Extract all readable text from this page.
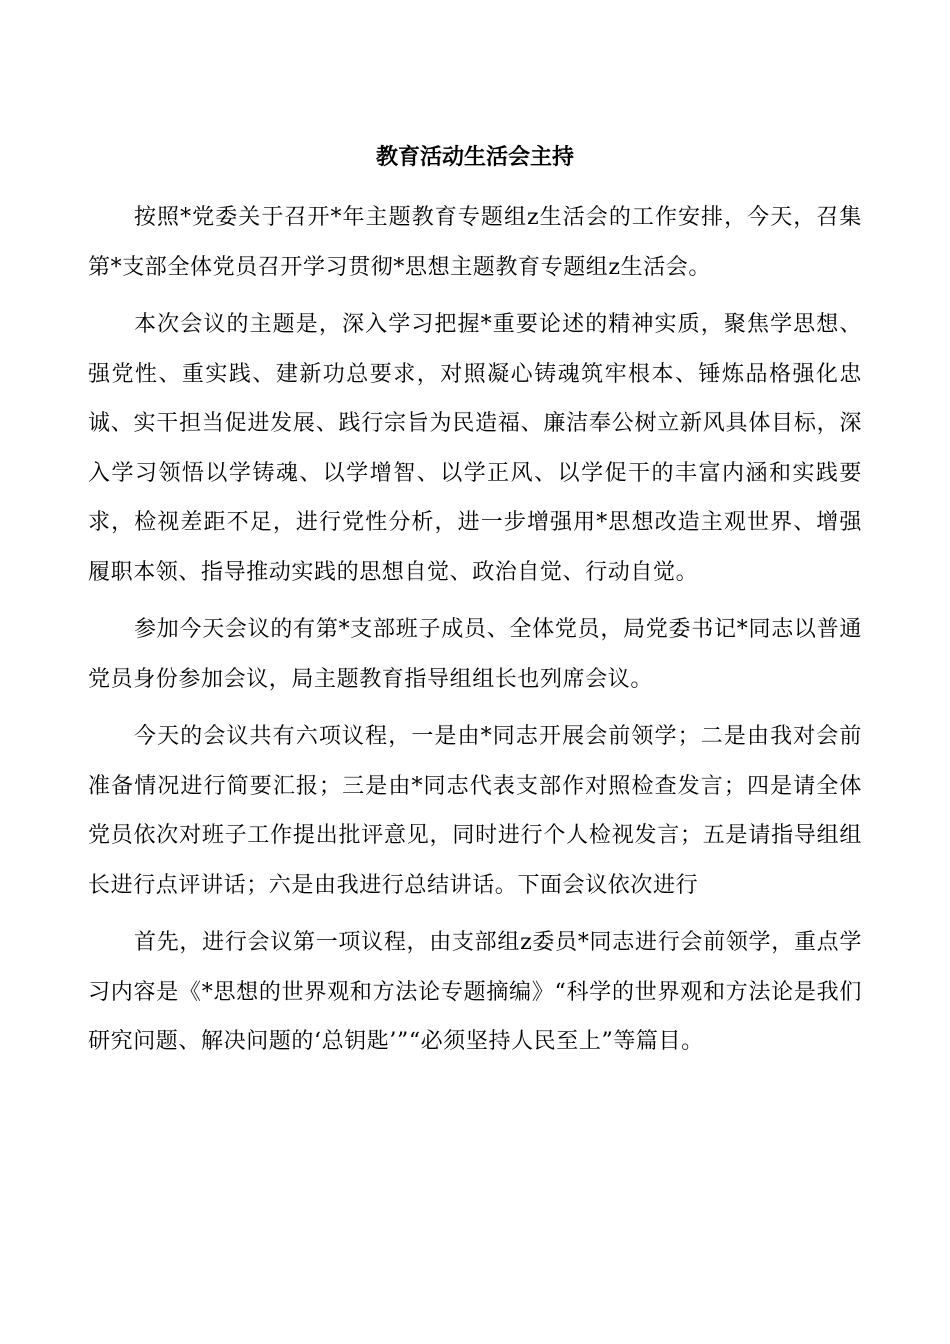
教育活动生活会主持

按照*党委关于召开*年主题教育专题组z生活会的工作安排，今天，召集第*支部全体党员召开学习贯彻*思想主题教育专题组z生活会。

本次会议的主题是，深入学习把握*重要论述的精神实质，聚焦学思想、强党性、重实践、建新功总要求，对照凝心铸魂筑牢根本、锤炼品格强化忠诚、实干担当促进发展、践行宗旨为民造福、廉洁奉公树立新风具体目标，深入学习领悟以学铸魂、以学增智、以学正风、以学促干的丰富内涵和实践要求，检视差距不足，进行党性分析，进一步增强用*思想改造主观世界、增强履职本领、指导推动实践的思想自觉、政治自觉、行动自觉。

参加今天会议的有第*支部班子成员、全体党员，局党委书记*同志以普通党员身份参加会议，局主题教育指导组组长也列席会议。

今天的会议共有六项议程，一是由*同志开展会前领学；二是由我对会前准备情况进行简要汇报；三是由*同志代表支部作对照检查发言；四是请全体党员依次对班子工作提出批评意见，同时进行个人检视发言；五是请指导组组长进行点评讲话；六是由我进行总结讲话。下面会议依次进行

首先，进行会议第一项议程，由支部组z委员*同志进行会前领学，重点学习内容是《*思想的世界观和方法论专题摘编》“科学的世界观和方法论是我们研究问题、解决问题的‘总钥匙’”“必须坚持人民至上”等篇目。
